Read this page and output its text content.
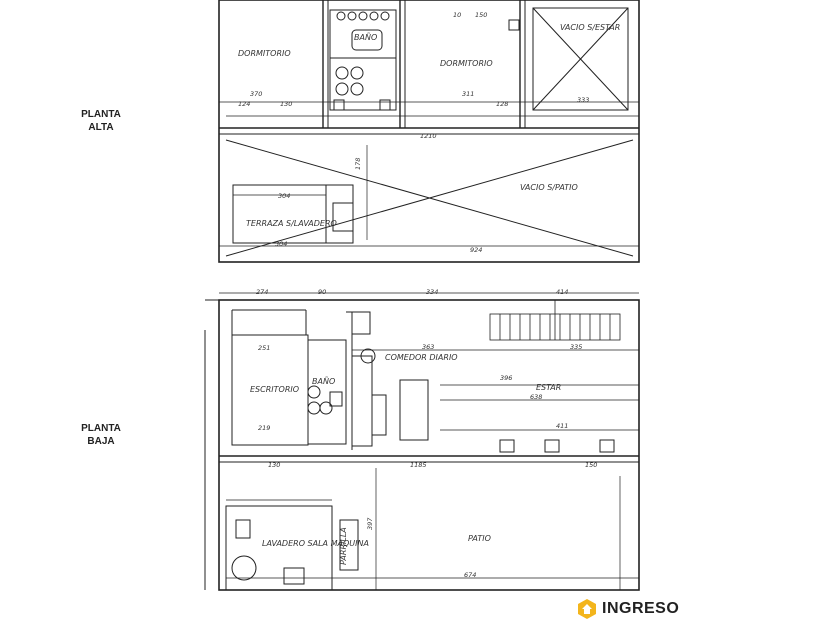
PLANTA
ALTA
PLANTA
BAJA
DORMITORIO
BAÑO
DORMITORIO
VACIO S/ESTAR
VACIO S/PATIO
TERRAZA S/LAVADERO
ESCRITORIO
BAÑO
COMEDOR DIARIO
ESTAR
LAVADERO SALA MAQUINA
PARRILLA	PATIO
370
124	130
311
128	333
10 150
1210
304
304
924
178
274	90	334	414
251
219
363
396
638
335
411
130	1185	150
674
397
INGRESO
